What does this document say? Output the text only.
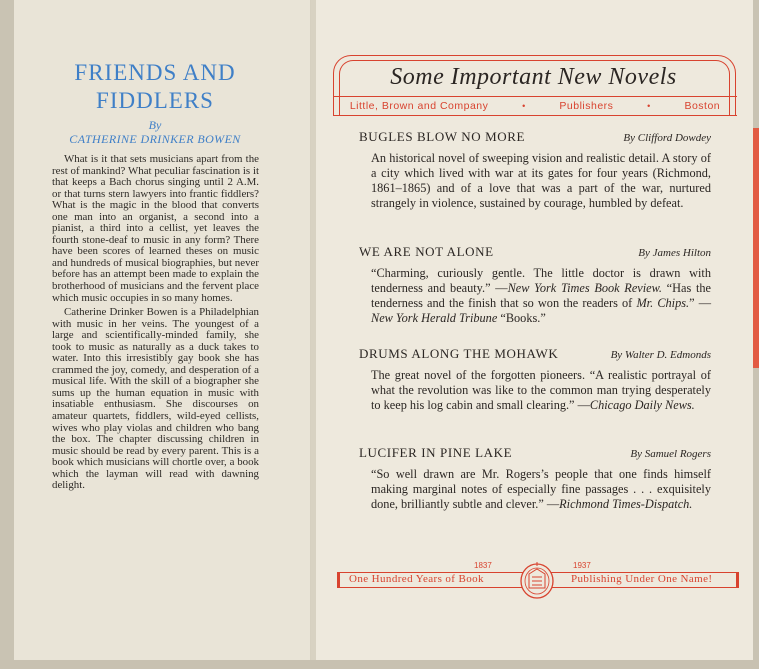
FRIENDS AND
FIDDLERS
By
CATHERINE DRINKER BOWEN

What is it that sets musicians apart from the rest of mankind? What peculiar fascination is it that keeps a Bach chorus singing until 2 A.M. or that turns stern lawyers into frantic fiddlers? What is the magic in the blood that converts one man into an organist, a second into a pianist, a third into a cellist, yet leaves the fourth stone-deaf to music in any form? There have been scores of learned theses on music and hundreds of musical biographies, but never before has an attempt been made to explain the brotherhood of musicians and the fervent place which music occupies in so many homes.

Catherine Drinker Bowen is a Philadelphian with music in her veins. The youngest of a large and scientifically-minded family, she took to music as naturally as a duck takes to water. Into this irresistibly gay book she has crammed the joy, comedy, and desperation of a musical life. With the skill of a biographer she sums up the human equation in music with insatiable enthusiasm. She discourses on amateur quartets, fiddlers, wild-eyed cellists, wives who play violas and children who bang the box. The chapter discussing children in music should be read by every parent. This is a book which musicians will chortle over, a book which the layman will read with dawning delight.

Some Important New Novels
Little, Brown and Company	•	Publishers	•	Boston
BUGLES BLOW NO MORE	By Clifford Dowdey
An historical novel of sweeping vision and realistic detail. A story of a city which lived with war at its gates for four years (Richmond, 1861–1865) and of a love that was a part of the war, nurtured strangely in violence, sustained by courage, humbled by defeat.
WE ARE NOT ALONE	By James Hilton
“Charming, curiously gentle. The little doctor is drawn with tenderness and beauty.” —New York Times Book Review. “Has the tenderness and the finish that so won the readers of Mr. Chips.” —New York Herald Tribune “Books.”
DRUMS ALONG THE MOHAWK	By Walter D. Edmonds
The great novel of the forgotten pioneers. “A realistic portrayal of what the revolution was like to the common man trying desperately to keep his log cabin and small clearing.” —Chicago Daily News.
LUCIFER IN PINE LAKE	By Samuel Rogers
“So well drawn are Mr. Rogers’s people that one finds himself making marginal notes of especially fine passages . . . exquisitely done, brilliantly subtle and clever.” —Richmond Times-Dispatch.
One Hundred Years of Book	Publishing Under One Name!
1837	1937
